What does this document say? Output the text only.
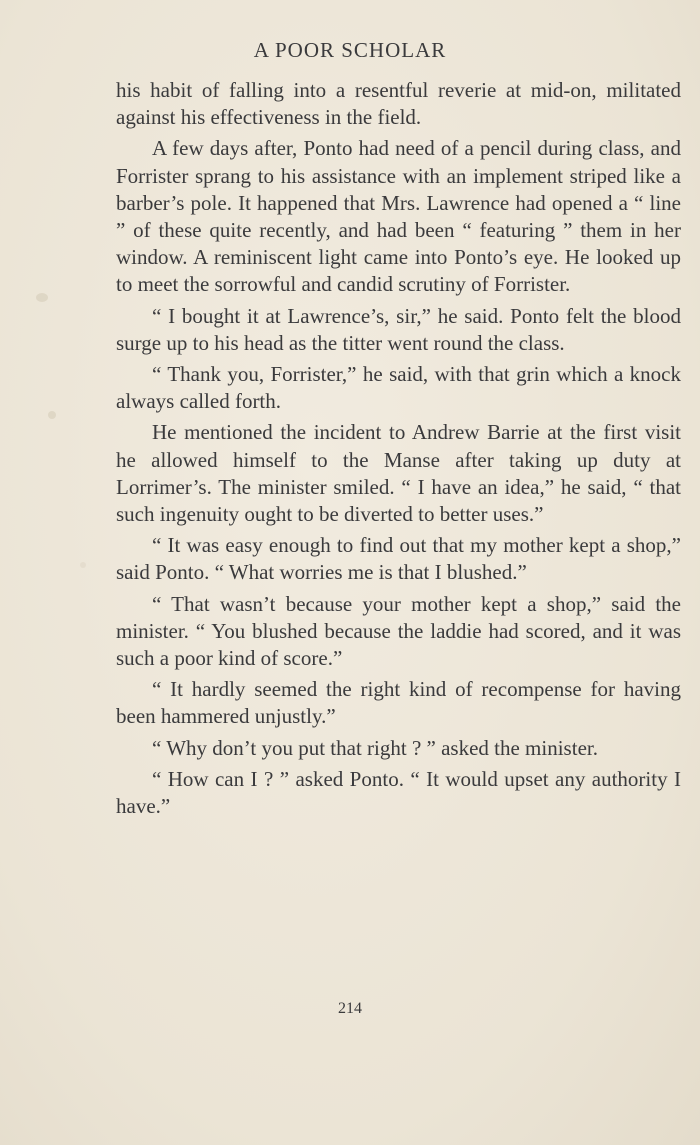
A POOR SCHOLAR

his habit of falling into a resentful reverie at mid-on, militated against his effectiveness in the field.

A few days after, Ponto had need of a pencil during class, and Forrister sprang to his assistance with an implement striped like a barber’s pole. It happened that Mrs. Lawrence had opened a “ line ” of these quite recently, and had been “ featuring ” them in her window. A reminiscent light came into Ponto’s eye. He looked up to meet the sorrowful and candid scrutiny of Forrister.

“ I bought it at Lawrence’s, sir,” he said. Ponto felt the blood surge up to his head as the titter went round the class.

“ Thank you, Forrister,” he said, with that grin which a knock always called forth.

He mentioned the incident to Andrew Barrie at the first visit he allowed himself to the Manse after taking up duty at Lorrimer’s. The minister smiled. “ I have an idea,” he said, “ that such ingenuity ought to be diverted to better uses.”

“ It was easy enough to find out that my mother kept a shop,” said Ponto. “ What worries me is that I blushed.”

“ That wasn’t because your mother kept a shop,” said the minister. “ You blushed because the laddie had scored, and it was such a poor kind of score.”

“ It hardly seemed the right kind of recompense for having been hammered unjustly.”

“ Why don’t you put that right ? ” asked the minister.

“ How can I ? ” asked Ponto. “ It would upset any authority I have.”

214
